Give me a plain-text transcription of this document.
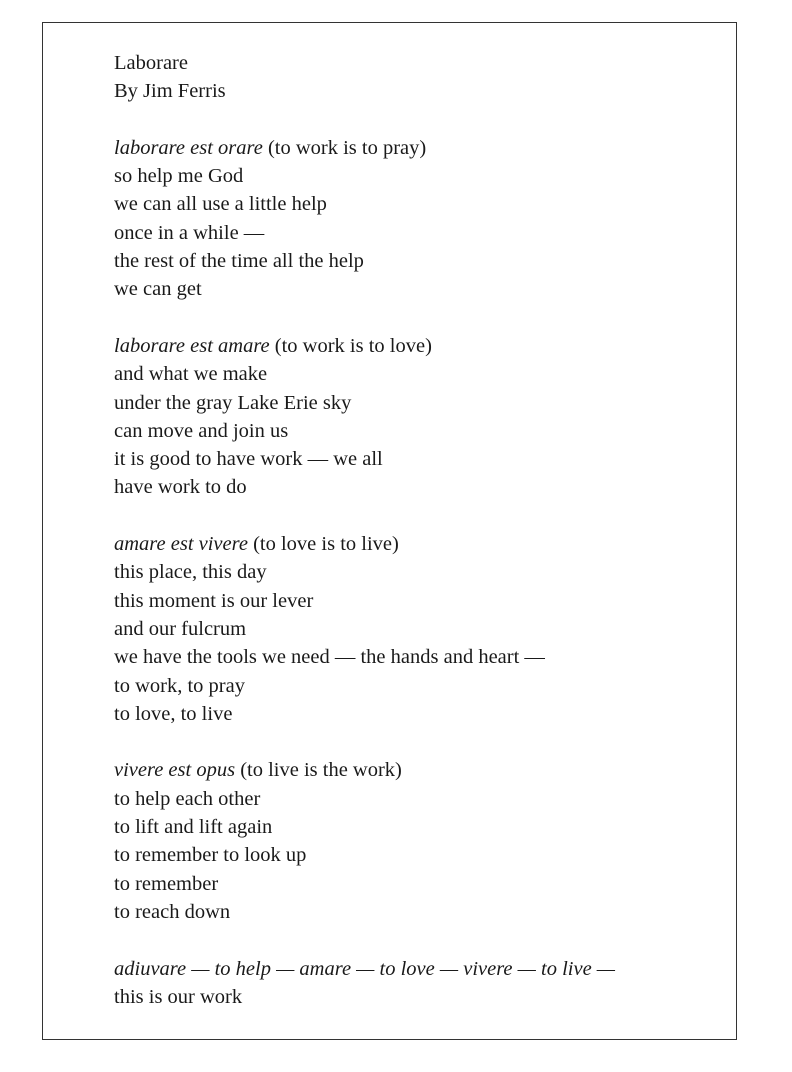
Laborare
By Jim Ferris
laborare est orare (to work is to pray)
so help me God
we can all use a little help
once in a while —
the rest of the time all the help
we can get
laborare est amare (to work is to love)
and what we make
under the gray Lake Erie sky
can move and join us
it is good to have work — we all
have work to do
amare est vivere (to love is to live)
this place, this day
this moment is our lever
and our fulcrum
we have the tools we need — the hands and heart —
to work, to pray
to love, to live
vivere est opus (to live is the work)
to help each other
to lift and lift again
to remember to look up
to remember
to reach down
adiuvare — to help — amare — to love — vivere — to live —
this is our work
